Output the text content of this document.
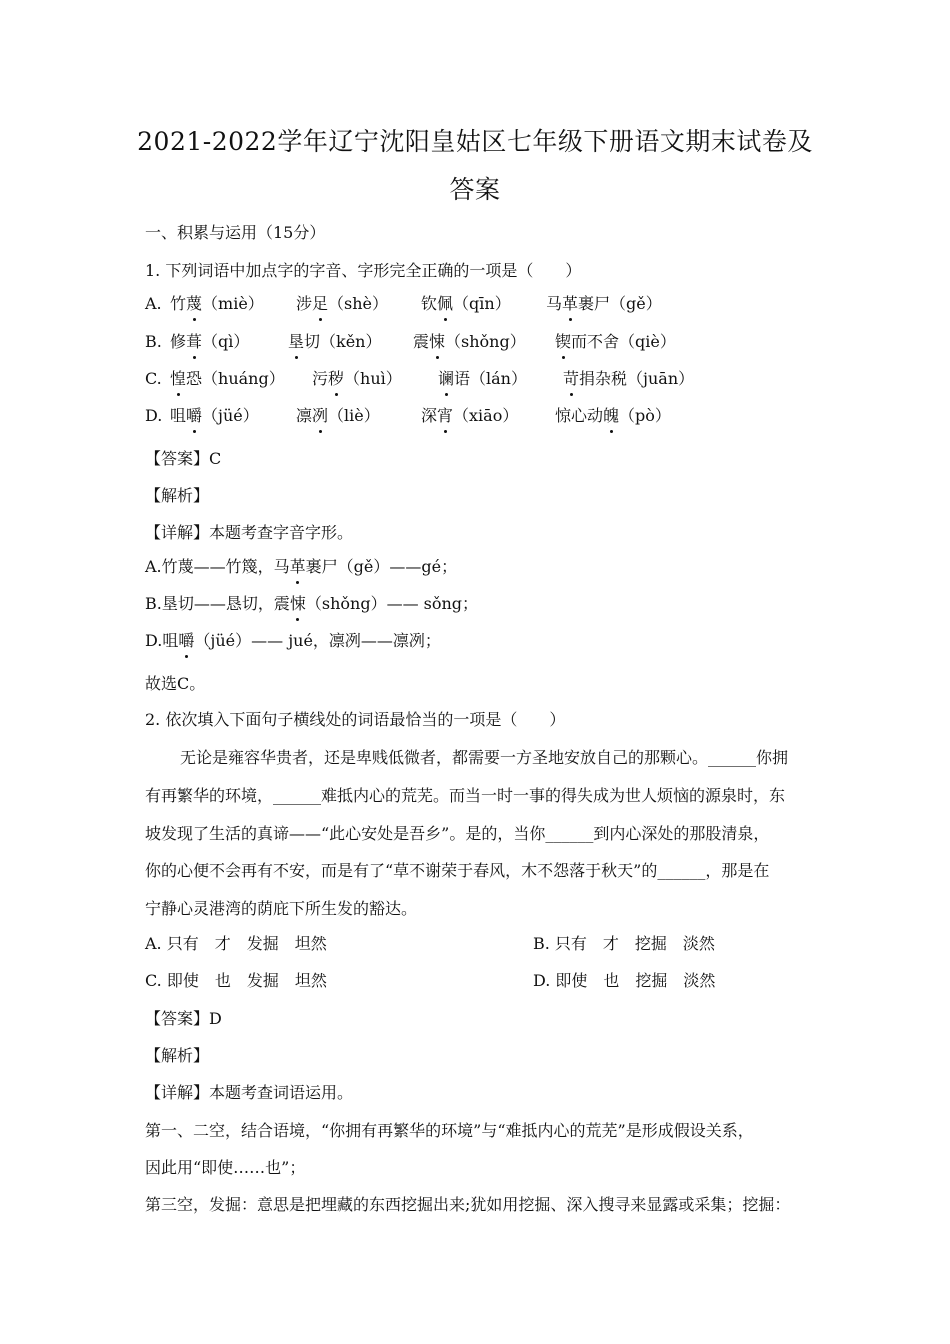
2021-2022学年辽宁沈阳皇姑区七年级下册语文期末试卷及
答案
一、积累与运用（15分）
1. 下列词语中加点字的字音、字形完全正确的一项是（　　）
A. 竹蔑（miè） 涉足（shè） 钦佩（qīn） 马革裹尸（gě）
B. 修葺（qì） 垦切（kěn） 震悚（shǒng） 锲而不舍（qiè）
C. 惶恐（huáng） 污秽（huì） 谰语（lán） 苛捐杂税（juān）
D. 咀嚼（jüé） 凛冽（liè）	深宵（xiāo） 惊心动魄（pò）
【答案】C
【解析】
【详解】本题考查字音字形。
A.竹蔑——竹篾，马革裹尸（gě）——gé；
B.垦切——恳切，震悚（shǒng）—— sǒng；
D.咀嚼（jüé）—— jué，凛冽——凛冽；
故选C。
2. 依次填入下面句子横线处的词语最恰当的一项是（　　）
无论是雍容华贵者，还是卑贱低微者，都需要一方圣地安放自己的那颗心。______你拥
有再繁华的环境，______难抵内心的荒芜。而当一时一事的得失成为世人烦恼的源泉时，东
坡发现了生活的真谛——“此心安处是吾乡”。是的，当你______到内心深处的那股清泉，
你的心便不会再有不安，而是有了“草不谢荣于春风，木不怨落于秋天”的______，那是在
宁静心灵港湾的荫庇下所生发的豁达。
A. 只有　才　发掘　坦然	B. 只有　才　挖掘　淡然
C. 即使　也　发掘　坦然	D. 即使　也　挖掘　淡然
【答案】D
【解析】
【详解】本题考查词语运用。
第一、二空，结合语境，“你拥有再繁华的环境”与“难抵内心的荒芜”是形成假设关系，
因此用“即使……也”；
第三空，发掘：意思是把埋藏的东西挖掘出来;犹如用挖掘、深入搜寻来显露或采集；挖掘：
